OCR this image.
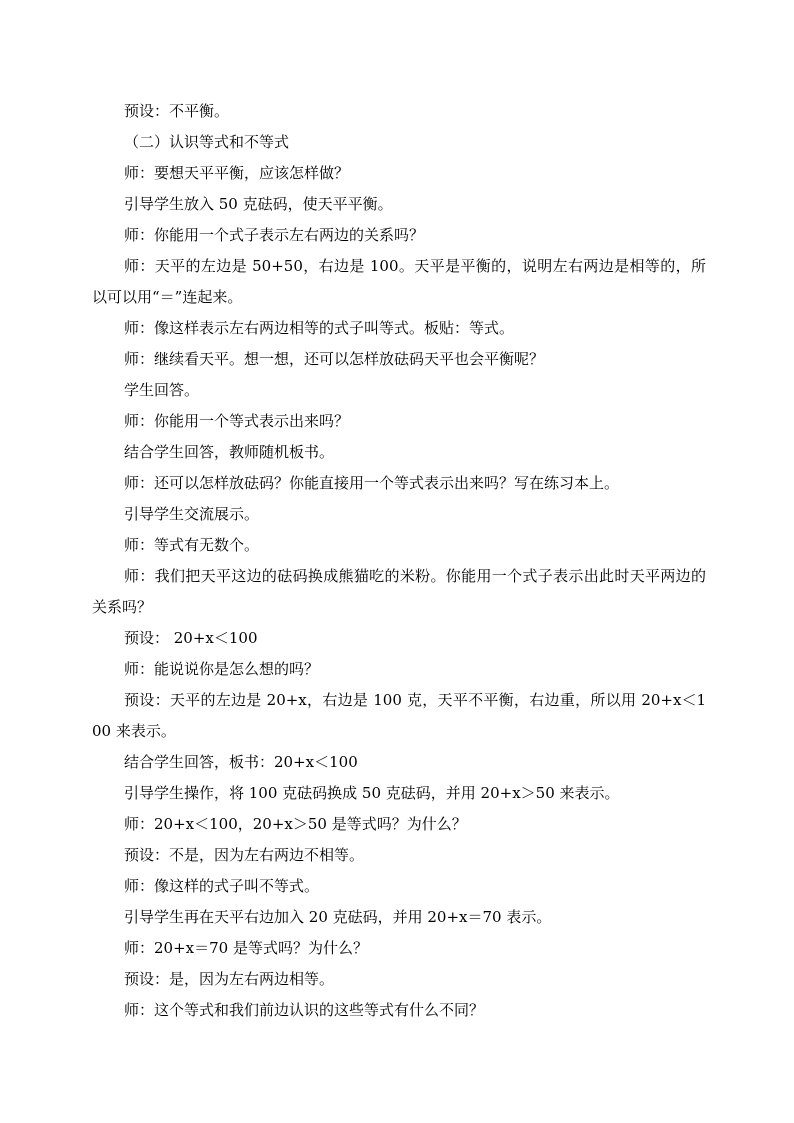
预设：不平衡。

（二）认识等式和不等式

师：要想天平平衡，应该怎样做？

引导学生放入 50 克砝码，使天平平衡。

师：你能用一个式子表示左右两边的关系吗？

师：天平的左边是 50+50，右边是 100。天平是平衡的，说明左右两边是相等的，所以可以用“＝”连起来。

师：像这样表示左右两边相等的式子叫等式。板贴：等式。

师：继续看天平。想一想，还可以怎样放砝码天平也会平衡呢？

学生回答。

师：你能用一个等式表示出来吗？

结合学生回答，教师随机板书。

师：还可以怎样放砝码？你能直接用一个等式表示出来吗？写在练习本上。

引导学生交流展示。

师：等式有无数个。

师：我们把天平这边的砝码换成熊猫吃的米粉。你能用一个式子表示出此时天平两边的关系吗？

预设： 20+x＜100

师：能说说你是怎么想的吗？

预设：天平的左边是 20+x，右边是 100 克，天平不平衡，右边重，所以用 20+x＜100 来表示。

结合学生回答，板书：20+x＜100

引导学生操作，将 100 克砝码换成 50 克砝码，并用 20+x＞50 来表示。

师：20+x＜100，20+x＞50 是等式吗？为什么？

预设：不是，因为左右两边不相等。

师：像这样的式子叫不等式。

引导学生再在天平右边加入 20 克砝码，并用 20+x＝70 表示。

师：20+x＝70 是等式吗？为什么？

预设：是，因为左右两边相等。

师：这个等式和我们前边认识的这些等式有什么不同？
